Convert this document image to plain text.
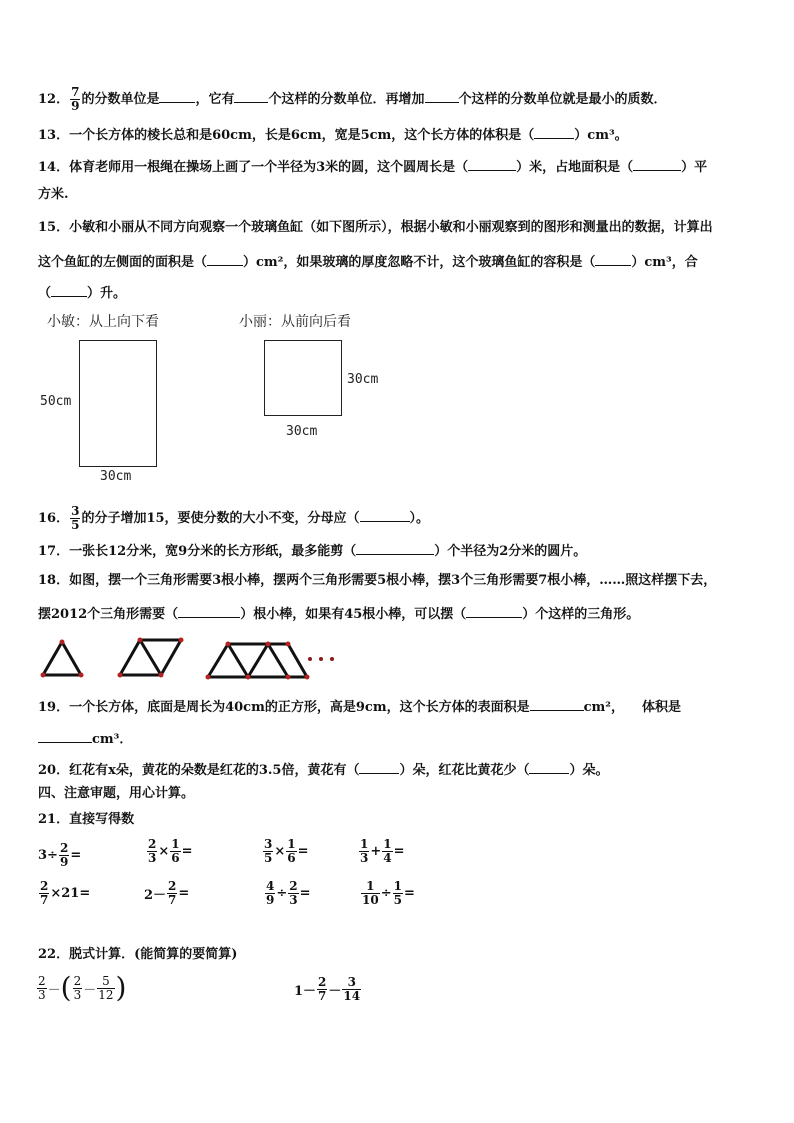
12． $\frac{7}{9}$ 的分数单位是	，它有	个这样的分数单位．再增加	个这样的分数单位就是最小的质数．
13．一个长方体的棱长总和是60cm，长是6cm，宽是5cm，这个长方体的体积是（	）cm³。
14．体育老师用一根绳在操场上画了一个半径为3米的圆，这个圆周长是（	）米，占地面积是（	）平
方米.
15．小敏和小丽从不同方向观察一个玻璃鱼缸（如下图所示），根据小敏和小丽观察到的图形和测量出的数据，计算出
这个鱼缸的左侧面的面积是（	）cm²，如果玻璃的厚度忽略不计，这个玻璃鱼缸的容积是（	）cm³，合
（	）升。
小敏：从上向下看	小丽：从前向后看
50cm
30cm
30cm
30cm
16． $\frac{3}{5}$ 的分子增加15，要使分数的大小不变，分母应（	）。
17．一张长12分米，宽9分米的长方形纸，最多能剪（	）个半径为2分米的圆片。
18．如图，摆一个三角形需要3根小棒，摆两个三角形需要5根小棒，摆3个三角形需要7根小棒，……照这样摆下去，
摆2012个三角形需要（	）根小棒，如果有45根小棒，可以摆（	）个这样的三角形。
19．一个长方体，底面是周长为40cm的正方形，高是9cm，这个长方体的表面积是	cm²， 体积是
cm³．
20．红花有x朵，黄花的朵数是红花的3.5倍，黄花有（	）朵，红花比黄花少（	）朵。
四、注意审题，用心计算。
21．直接写得数
$3\div \frac{2}{9}$ =	$\frac{2}{3} \times \frac{1}{6}$ =	$\frac{3}{5} \times \frac{1}{6}$ =	$\frac{1}{3} + \frac{1}{4}$ =
$\frac{2}{7} \times 21=$	$2- \frac{2}{7}$ =	$\frac{4}{9} \div \frac{2}{3}$ =	$\frac{1}{10} \div \frac{1}{5}$ =
22．脱式计算．(能简算的要简算)
$\frac{2}{3}$ － ( $\frac{2}{3} - \frac{5}{12}$ )	$1- \frac{2}{7} - \frac{3}{14}$
